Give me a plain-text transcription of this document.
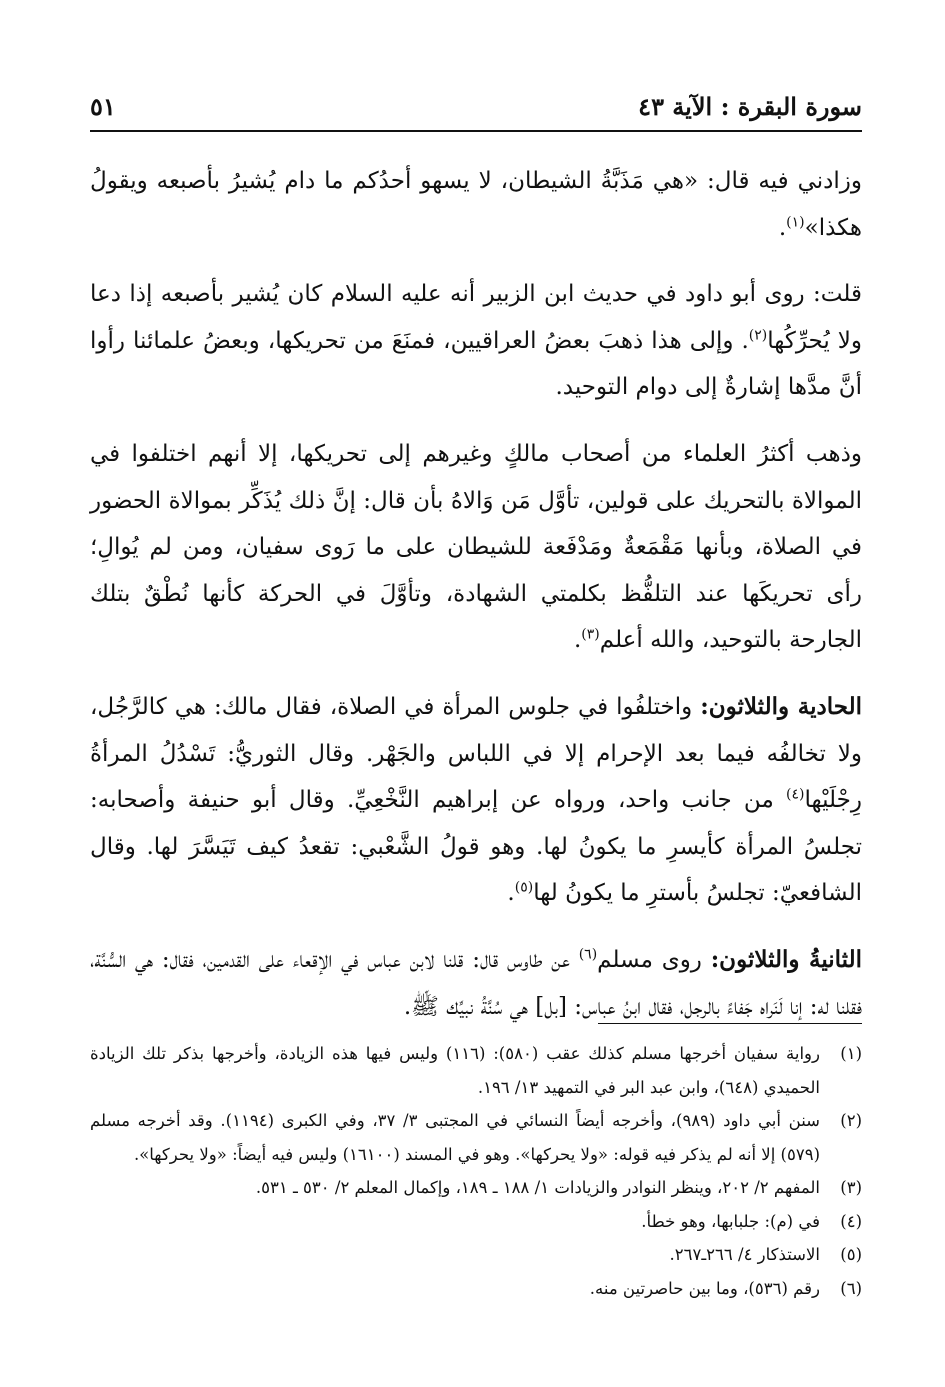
سورة البقرة : الآية ٤٣
٥١

وزادني فيه قال: «هي مَذَبَّةُ الشيطان، لا يسهو أحدُكم ما دام يُشيرُ بأصبعه ويقولُ هكذا»$^{(١)}$.

قلت: روى أبو داود في حديث ابن الزبير أنه عليه السلام كان يُشير بأصبعه إذا دعا ولا يُحرِّكُها$^{(٢)}$. وإلى هذا ذهبَ بعضُ العراقيين، فمنَعَ من تحريكها، وبعضُ علمائنا رأوا أنَّ مدَّها إشارةٌ إلى دوام التوحيد.

وذهب أكثرُ العلماء من أصحاب مالكٍ وغيرهم إلى تحريكها، إلا أنهم اختلفوا في الموالاة بالتحريك على قولين، تأوَّل مَن وَالاهُ بأن قال: إنَّ ذلك يُذَكِّر بموالاة الحضور في الصلاة، وبأنها مَقْمَعةٌ ومَدْفَعة للشيطان على ما رَوى سفيان، ومن لم يُوالِ؛ رأى تحريكَها عند التلفُّظ بكلمتي الشهادة، وتأوَّلَ في الحركة كأنها نُطْقٌ بتلك الجارحة بالتوحيد، والله أعلم$^{(٣)}$.

الحادية والثلاثون: واختلفُوا في جلوس المرأة في الصلاة، فقال مالك: هي كالرَّجُل، ولا تخالفُه فيما بعد الإحرام إلا في اللباس والجَهْر. وقال الثوريُّ: تَسْدُلُ المرأةُ رِجْلَيْها$^{(٤)}$ من جانب واحد، ورواه عن إبراهيم النَّخْعِيِّ. وقال أبو حنيفة وأصحابه: تجلسُ المرأة كأيسرِ ما يكونُ لها. وهو قولُ الشَّعْبي: تقعدُ كيف تَيَسَّرَ لها. وقال الشافعيّ: تجلسُ بأسترِ ما يكونُ لها$^{(٥)}$.

الثانيةُ والثلاثون: روى مسلم$^{(٦)}$ عن طاوس قال: قلنا لابن عباس في الإقعاء على القدمين، فقال: هي السُّنَّة، فقلنا له: إنا لَنَراه جَفاءً بالرجل، فقال ابنُ عباس: [بل] هي سُنَّةُ نبيِّك ﷺ.

(١)
رواية سفيان أخرجها مسلم كذلك عقب (٥٨٠): (١١٦) وليس فيها هذه الزيادة، وأخرجها بذكر تلك الزيادة الحميدي (٦٤٨)، وابن عبد البر في التمهيد ١٣/ ١٩٦.
(٢)
سنن أبي داود (٩٨٩)، وأخرجه أيضاً النسائي في المجتبى ٣/ ٣٧، وفي الكبرى (١١٩٤). وقد أخرجه مسلم (٥٧٩) إلا أنه لم يذكر فيه قوله: «ولا يحركها». وهو في المسند (١٦١٠٠) وليس فيه أيضاً: «ولا يحركها».
(٣)
المفهم ٢/ ٢٠٢، وينظر النوادر والزيادات ١/ ١٨٨ ـ ١٨٩، وإكمال المعلم ٢/ ٥٣٠ ـ ٥٣١.
(٤)
في (م): جلبابها، وهو خطأ.
(٥)
الاستذكار ٤/ ٢٦٦ـ٢٦٧.
(٦)
رقم (٥٣٦)، وما بين حاصرتين منه.
